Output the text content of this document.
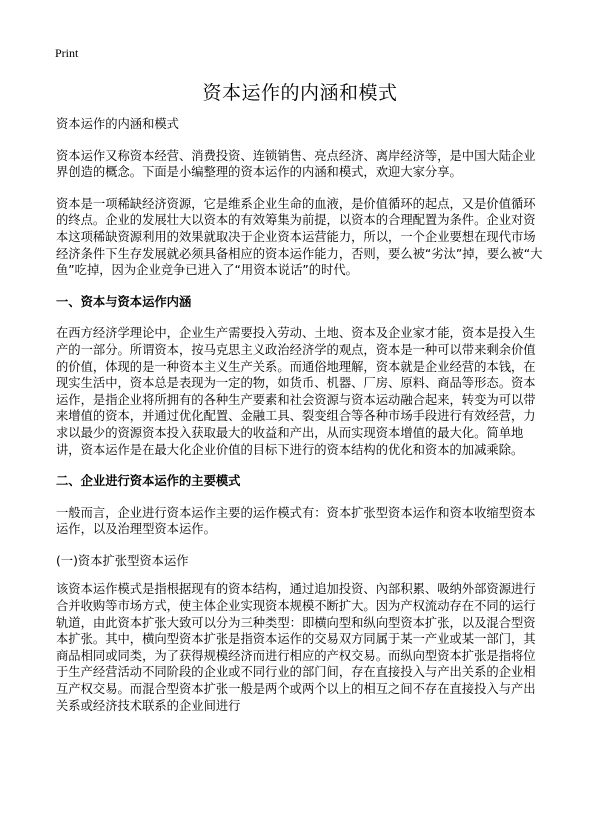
Print
资本运作的内涵和模式

资本运作的内涵和模式

资本运作又称资本经营、消费投资、连锁销售、亮点经济、离岸经济等，是中国大陆企业界创造的概念。下面是小编整理的资本运作的内涵和模式，欢迎大家分享。

资本是一项稀缺经济资源，它是维系企业生命的血液，是价值循环的起点，又是价值循环的终点。企业的发展壮大以资本的有效筹集为前提，以资本的合理配置为条件。企业对资本这项稀缺资源利用的效果就取决于企业资本运营能力，所以，一个企业要想在现代市场经济条件下生存发展就必须具备相应的资本运作能力，否则，要么被“劣汰”掉，要么被“大鱼”吃掉，因为企业竞争已进入了“用资本说话”的时代。

一、资本与资本运作内涵

在西方经济学理论中，企业生产需要投入劳动、土地、资本及企业家才能，资本是投入生产的一部分。所谓资本，按马克思主义政治经济学的观点，资本是一种可以带来剩余价值的价值，体现的是一种资本主义生产关系。而通俗地理解，资本就是企业经营的本钱，在现实生活中，资本总是表现为一定的物，如货币、机器、厂房、原料、商品等形态。资本运作，是指企业将所拥有的各种生产要素和社会资源与资本运动融合起来，转变为可以带来增值的资本，并通过优化配置、金融工具、裂变组合等各种市场手段进行有效经营，力求以最少的资源资本投入获取最大的收益和产出，从而实现资本增值的最大化。简单地讲，资本运作是在最大化企业价值的目标下进行的资本结构的优化和资本的加减乘除。

二、企业进行资本运作的主要模式

一般而言，企业进行资本运作主要的运作模式有：资本扩张型资本运作和资本收缩型资本运作，以及治理型资本运作。

(一)资本扩张型资本运作

该资本运作模式是指根据现有的资本结构，通过追加投资、內部积累、吸纳外部资源进行合并收购等市场方式，使主体企业实现资本规模不断扩大。因为产权流动存在不同的运行轨道，由此资本扩张大致可以分为三种类型：即横向型和纵向型资本扩张，以及混合型资本扩张。其中，横向型资本扩张是指资本运作的交易双方同属于某一产业或某一部门，其商品相同或同类，为了获得规模经济而进行相应的产权交易。而纵向型资本扩张是指将位于生产经营活动不同阶段的企业或不同行业的部门间，存在直接投入与产出关系的企业相互产权交易。而混合型资本扩张一般是两个或两个以上的相互之间不存在直接投入与产出关系或经济技术联系的企业间进行
